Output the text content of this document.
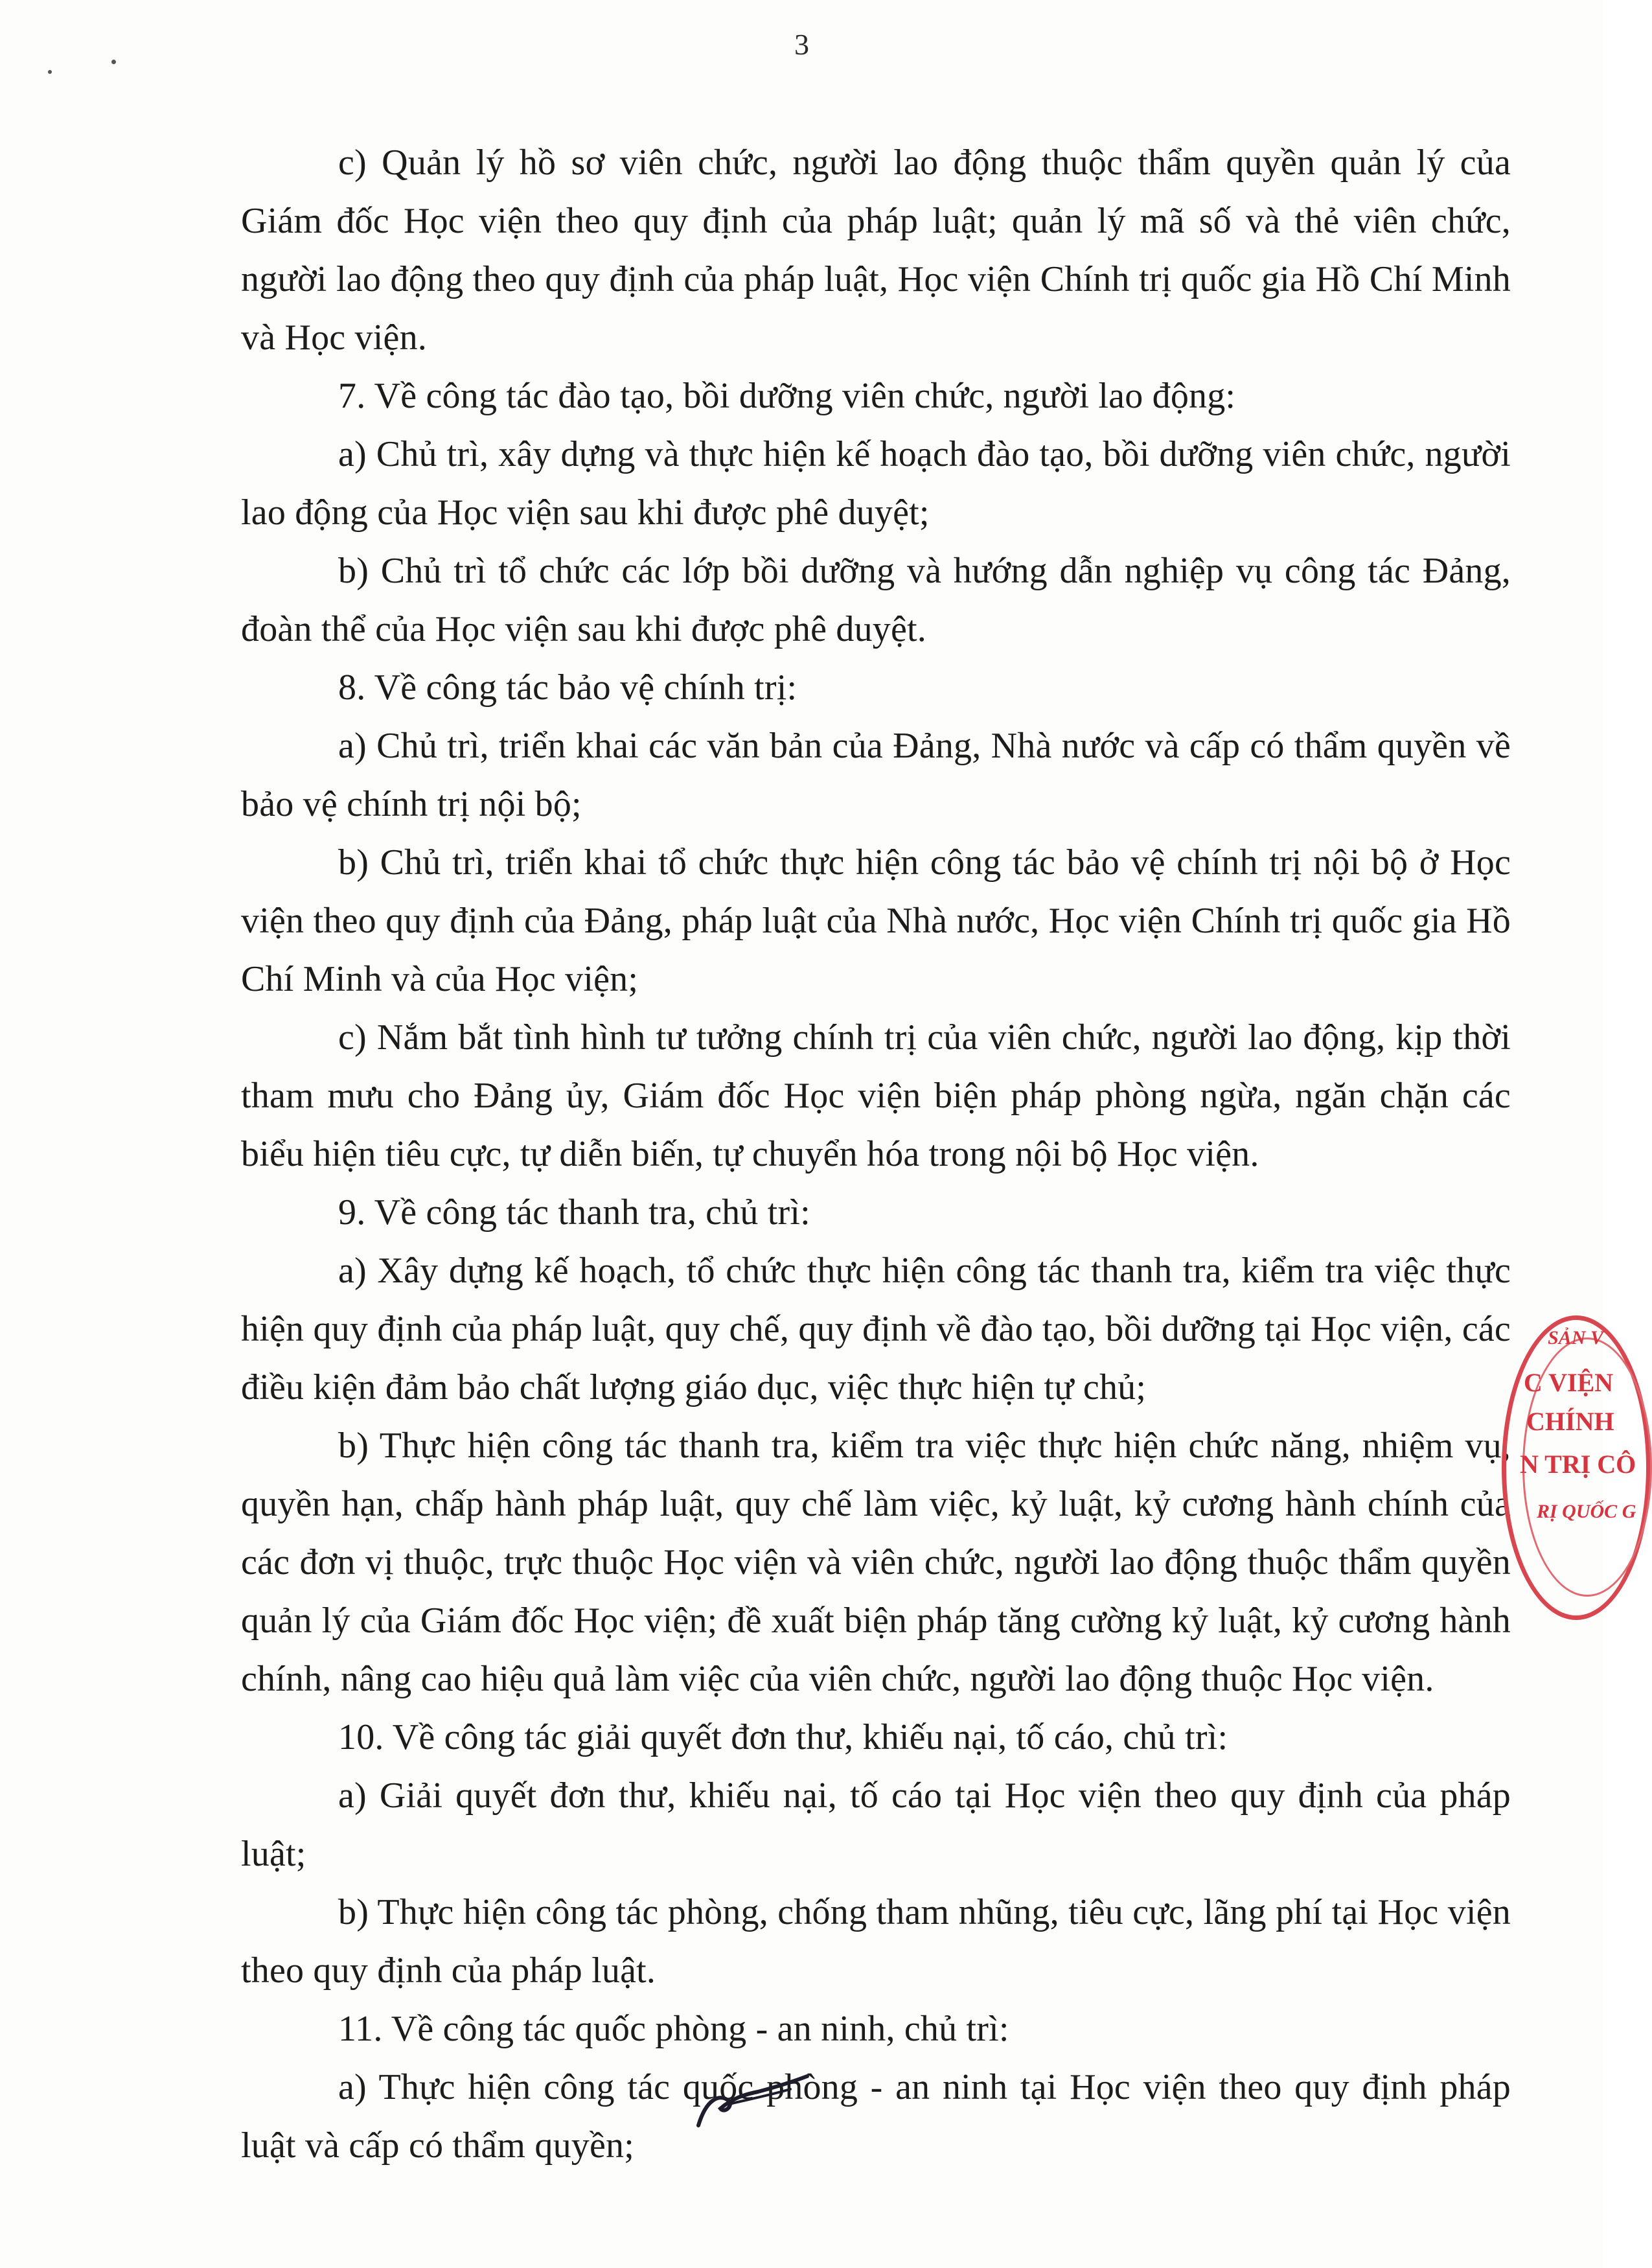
3

c) Quản lý hồ sơ viên chức, người lao động thuộc thẩm quyền quản lý của Giám đốc Học viện theo quy định của pháp luật; quản lý mã số và thẻ viên chức, người lao động theo quy định của pháp luật, Học viện Chính trị quốc gia Hồ Chí Minh và Học viện.

7. Về công tác đào tạo, bồi dưỡng viên chức, người lao động:

a) Chủ trì, xây dựng và thực hiện kế hoạch đào tạo, bồi dưỡng viên chức, người lao động của Học viện sau khi được phê duyệt;

b) Chủ trì tổ chức các lớp bồi dưỡng và hướng dẫn nghiệp vụ công tác Đảng, đoàn thể của Học viện sau khi được phê duyệt.

8. Về công tác bảo vệ chính trị:

a) Chủ trì, triển khai các văn bản của Đảng, Nhà nước và cấp có thẩm quyền về bảo vệ chính trị nội bộ;

b) Chủ trì, triển khai tổ chức thực hiện công tác bảo vệ chính trị nội bộ ở Học viện theo quy định của Đảng, pháp luật của Nhà nước, Học viện Chính trị quốc gia Hồ Chí Minh và của Học viện;

c) Nắm bắt tình hình tư tưởng chính trị của viên chức, người lao động, kịp thời tham mưu cho Đảng ủy, Giám đốc Học viện biện pháp phòng ngừa, ngăn chặn các biểu hiện tiêu cực, tự diễn biến, tự chuyển hóa trong nội bộ Học viện.

9. Về công tác thanh tra, chủ trì:

a) Xây dựng kế hoạch, tổ chức thực hiện công tác thanh tra, kiểm tra việc thực hiện quy định của pháp luật, quy chế, quy định về đào tạo, bồi dưỡng tại Học viện, các điều kiện đảm bảo chất lượng giáo dục, việc thực hiện tự chủ;

b) Thực hiện công tác thanh tra, kiểm tra việc thực hiện chức năng, nhiệm vụ, quyền hạn, chấp hành pháp luật, quy chế làm việc, kỷ luật, kỷ cương hành chính của các đơn vị thuộc, trực thuộc Học viện và viên chức, người lao động thuộc thẩm quyền quản lý của Giám đốc Học viện; đề xuất biện pháp tăng cường kỷ luật, kỷ cương hành chính, nâng cao hiệu quả làm việc của viên chức, người lao động thuộc Học viện.

10. Về công tác giải quyết đơn thư, khiếu nại, tố cáo, chủ trì:

a) Giải quyết đơn thư, khiếu nại, tố cáo tại Học viện theo quy định của pháp luật;

b) Thực hiện công tác phòng, chống tham nhũng, tiêu cực, lãng phí tại Học viện theo quy định của pháp luật.

11. Về công tác quốc phòng - an ninh, chủ trì:

a) Thực hiện công tác quốc phòng - an ninh tại Học viện theo quy định pháp luật và cấp có thẩm quyền;

SẢN V
C VIỆN
CHÍNH
N TRỊ CÔ
RỊ QUỐC G
